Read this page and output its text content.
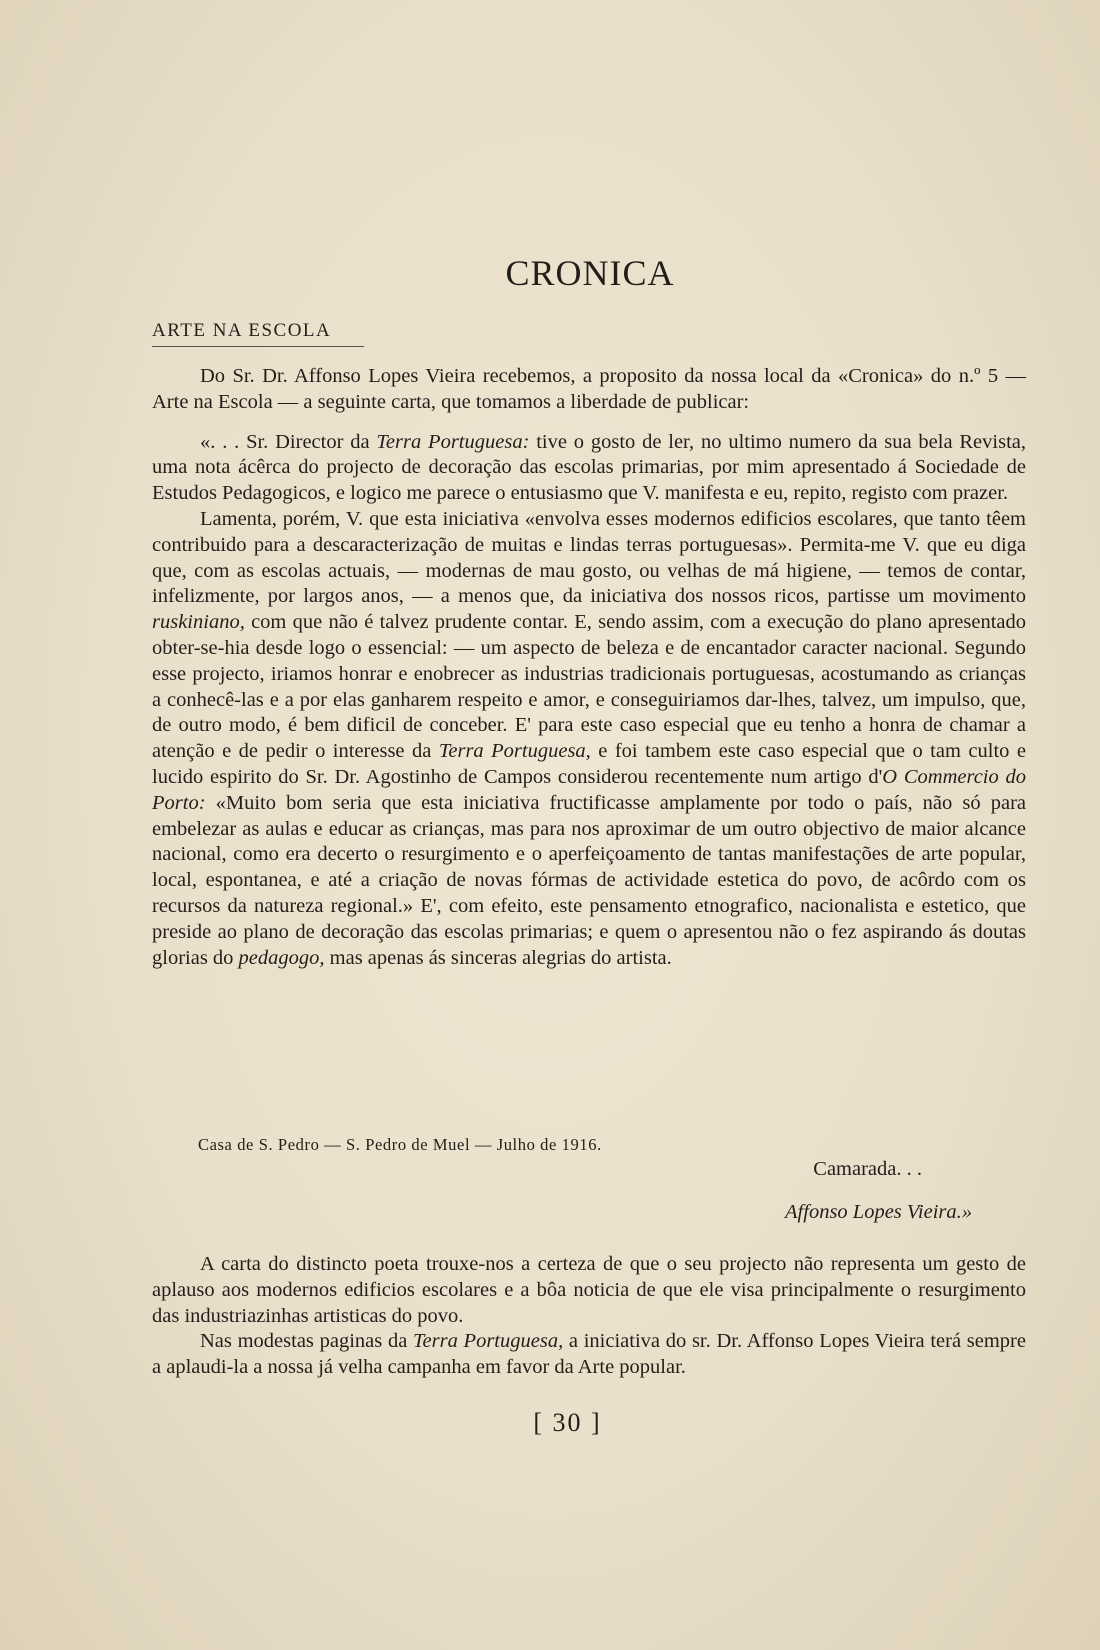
CRONICA
ARTE NA ESCOLA

Do Sr. Dr. Affonso Lopes Vieira recebemos, a proposito da nossa local da «Cronica» do n.º 5 — Arte na Escola — a seguinte carta, que tomamos a liberdade de publicar:

«. . . Sr. Director da Terra Portuguesa: tive o gosto de ler, no ultimo numero da sua bela Revista, uma nota ácêrca do projecto de decoração das escolas primarias, por mim apresentado á Sociedade de Estudos Pedagogicos, e logico me parece o entusiasmo que V. manifesta e eu, repito, registo com prazer.

Lamenta, porém, V. que esta iniciativa «envolva esses modernos edificios escolares, que tanto têem contribuido para a descaracterização de muitas e lindas terras portuguesas». Permita-me V. que eu diga que, com as escolas actuais, — modernas de mau gosto, ou velhas de má higiene, — temos de contar, infelizmente, por largos anos, — a menos que, da iniciativa dos nossos ricos, partisse um movimento ruskiniano, com que não é talvez prudente contar. E, sendo assim, com a execução do plano apresentado obter-se-hia desde logo o essencial: — um aspecto de beleza e de encantador caracter nacional. Segundo esse projecto, iriamos honrar e enobrecer as industrias tradicionais portuguesas, acostumando as crianças a conhecê-las e a por elas ganharem respeito e amor, e conseguiriamos dar-lhes, talvez, um impulso, que, de outro modo, é bem dificil de conceber. E' para este caso especial que eu tenho a honra de chamar a atenção e de pedir o interesse da Terra Portuguesa, e foi tambem este caso especial que o tam culto e lucido espirito do Sr. Dr. Agostinho de Campos considerou recentemente num artigo d'O Commercio do Porto: «Muito bom seria que esta iniciativa fructificasse amplamente por todo o país, não só para embelezar as aulas e educar as crianças, mas para nos aproximar de um outro objectivo de maior alcance nacional, como era decerto o resurgimento e o aperfeiçoamento de tantas manifestações de arte popular, local, espontanea, e até a criação de novas fórmas de actividade estetica do povo, de acôrdo com os recursos da natureza regional.» E', com efeito, este pensamento etnografico, nacionalista e estetico, que preside ao plano de decoração das escolas primarias; e quem o apresentou não o fez aspirando ás doutas glorias do pedagogo, mas apenas ás sinceras alegrias do artista.

Casa de S. Pedro — S. Pedro de Muel — Julho de 1916.
Camarada. . .
Affonso Lopes Vieira.»

A carta do distincto poeta trouxe-nos a certeza de que o seu projecto não representa um gesto de aplauso aos modernos edificios escolares e a bôa noticia de que ele visa principalmente o resurgimento das industriazinhas artisticas do povo.

Nas modestas paginas da Terra Portuguesa, a iniciativa do sr. Dr. Affonso Lopes Vieira terá sempre a aplaudi-la a nossa já velha campanha em favor da Arte popular.

[ 30 ]
